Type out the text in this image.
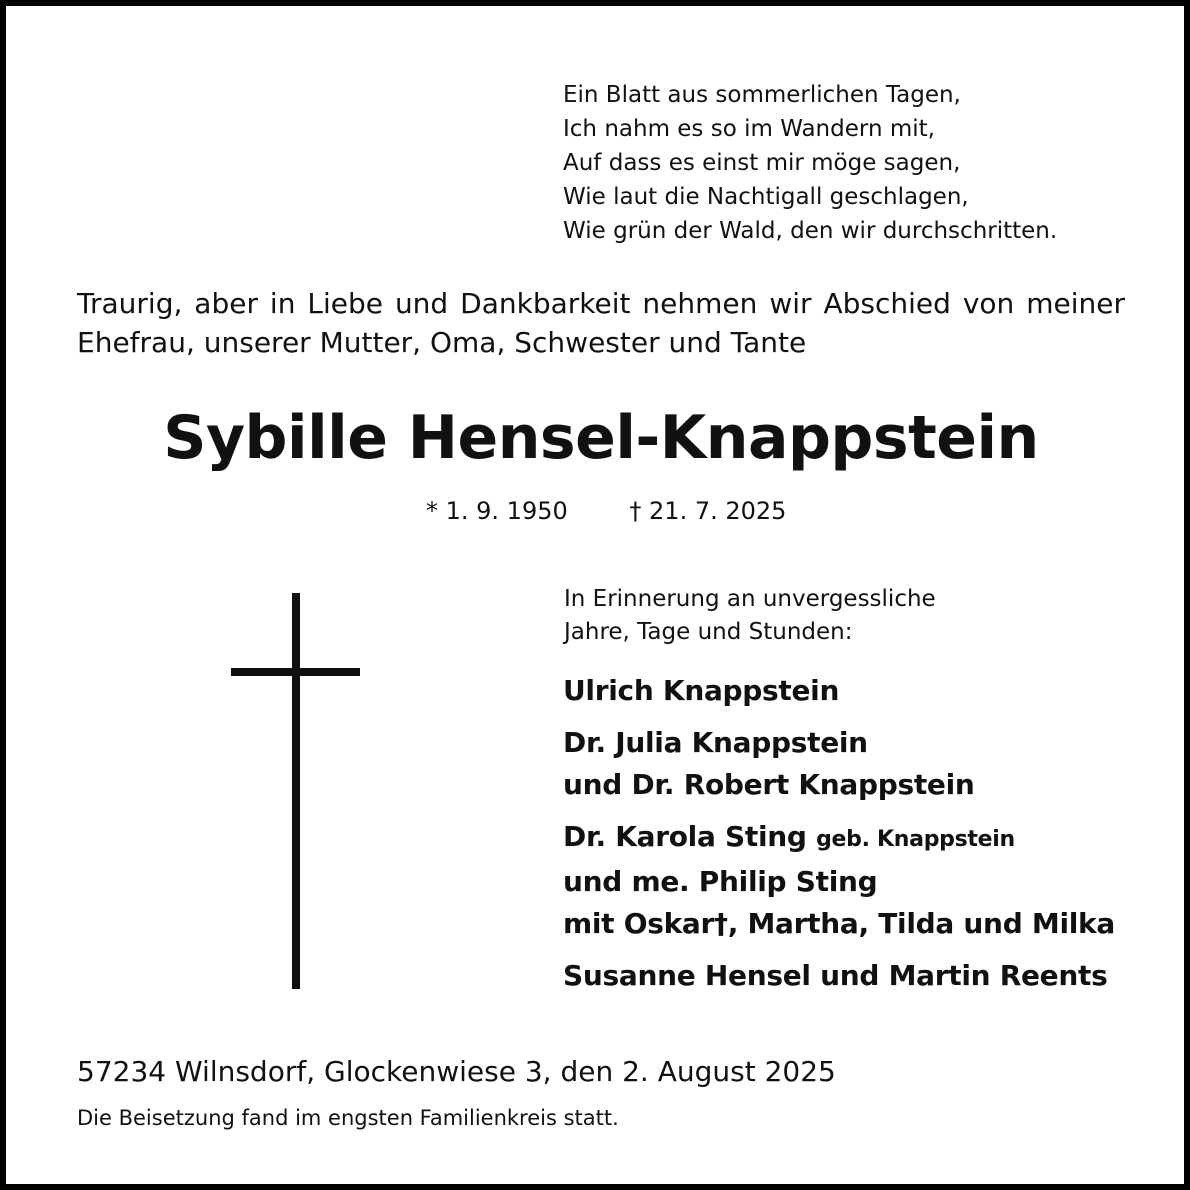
Ein Blatt aus sommerlichen Tagen,
Ich nahm es so im Wandern mit,
Auf dass es einst mir möge sagen,
Wie laut die Nachtigall geschlagen,
Wie grün der Wald, den wir durchschritten.
Traurig, aber in Liebe und Dankbarkeit nehmen wir Abschied von meiner Ehefrau, unserer Mutter, Oma, Schwester und Tante
Sybille Hensel-Knappstein
* 1. 9. 1950	† 21. 7. 2025
In Erinnerung an unvergessliche
Jahre, Tage und Stunden:
Ulrich Knappstein
Dr. Julia Knappstein
und Dr. Robert Knappstein
Dr. Karola Sting geb. Knappstein
und me. Philip Sting
mit Oskar†, Martha, Tilda und Milka
Susanne Hensel und Martin Reents
57234 Wilnsdorf, Glockenwiese 3, den 2. August 2025
Die Beisetzung fand im engsten Familienkreis statt.
